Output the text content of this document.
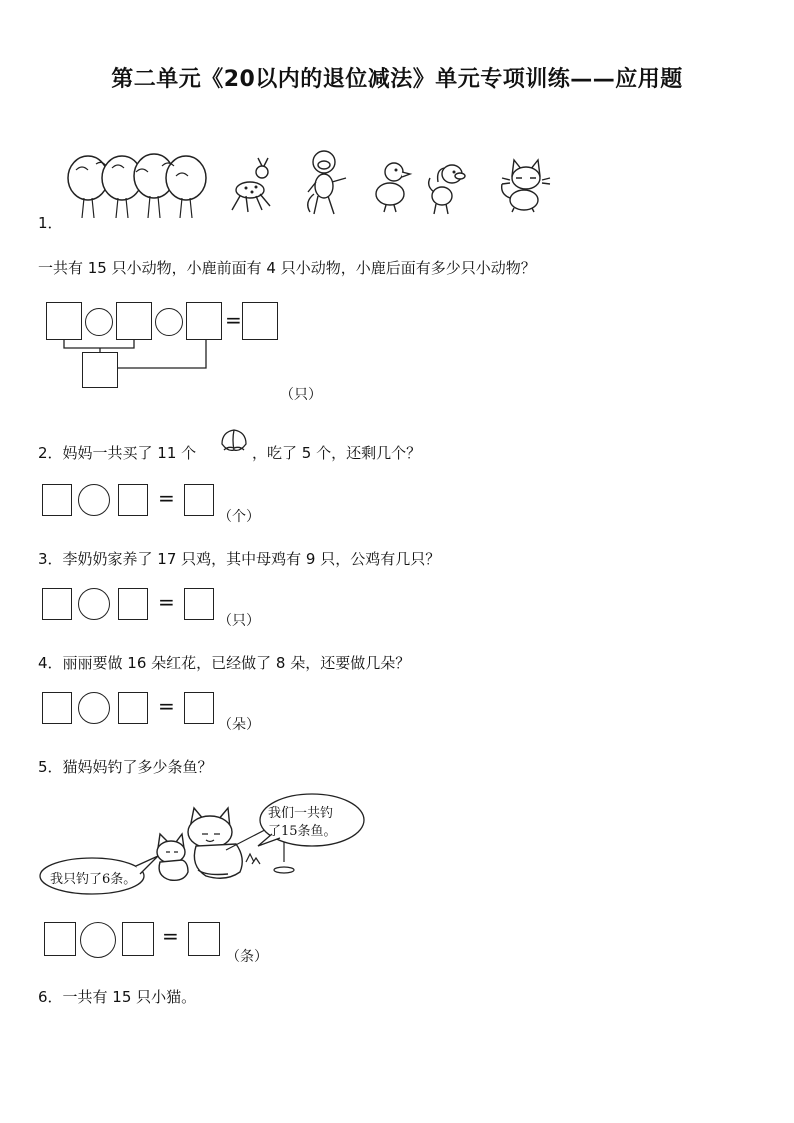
第二单元《20以内的退位减法》单元专项训练——应用题
1．
一共有 15 只小动物，小鹿前面有 4 只小动物，小鹿后面有多少只小动物？
=
（只）
2．妈妈一共买了 11 个	，吃了 5 个，还剩几个？
=
（个）
3．李奶奶家养了 17 只鸡，其中母鸡有 9 只，公鸡有几只？
=
（只）
4．丽丽要做 16 朵红花，已经做了 8 朵，还要做几朵？
=
（朵）
5．猫妈妈钓了多少条鱼？
我们一共钓
了15条鱼。
我只钓了6条。
=
（条）
6．一共有 15 只小猫。
